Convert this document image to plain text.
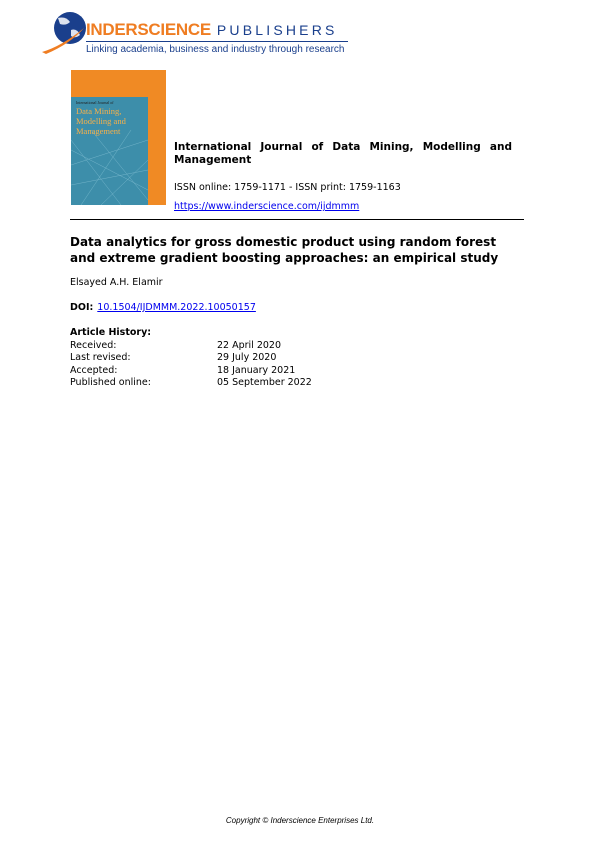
INDERSCIENCE PUBLISHERS
Linking academia, business and industry through research
International Journal of
Data Mining, Modelling and Management
International Journal of Data Mining, Modelling and Management
ISSN online: 1759-1171 - ISSN print: 1759-1163
https://www.inderscience.com/ijdmmm
Data analytics for gross domestic product using random forest and extreme gradient boosting approaches: an empirical study
Elsayed A.H. Elamir
DOI: 10.1504/IJDMMM.2022.10050157
Article History:
Received:	22 April 2020
Last revised:	29 July 2020
Accepted:	18 January 2021
Published online:	05 September 2022
Copyright © Inderscience Enterprises Ltd.
